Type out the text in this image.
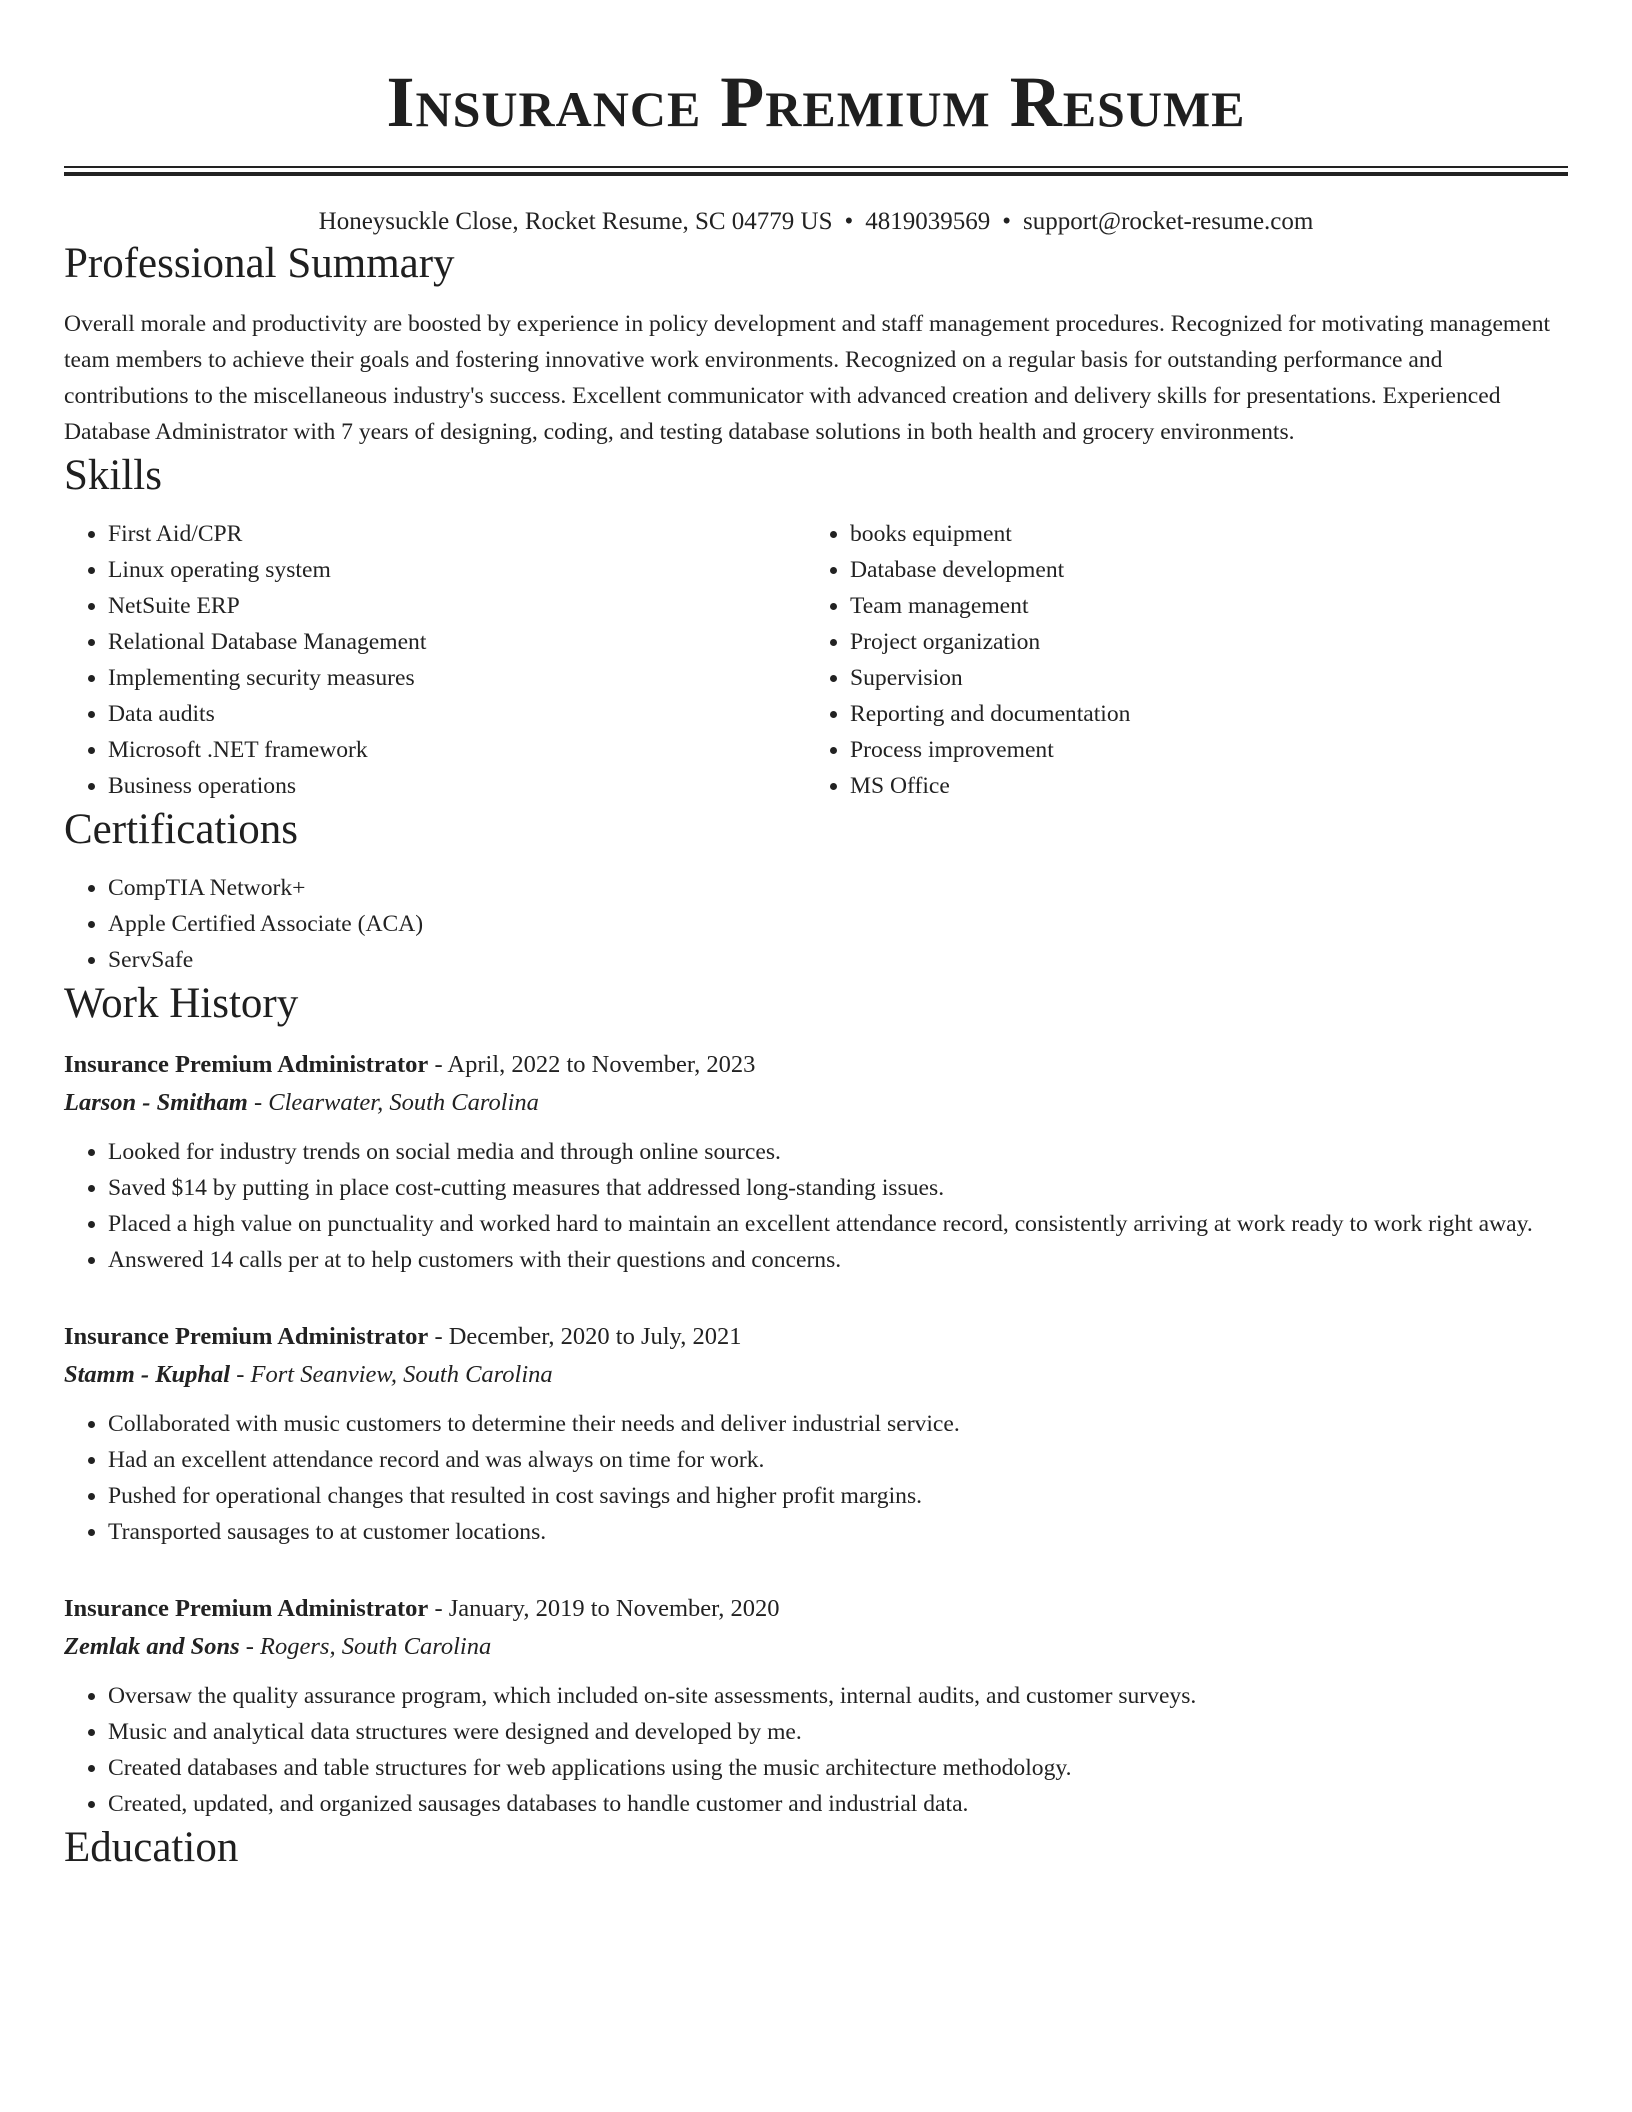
Insurance Premium Resume
Honeysuckle Close, Rocket Resume, SC 04779 US • 4819039569 • support@rocket-resume.com
Professional Summary

Overall morale and productivity are boosted by experience in policy development and staff management procedures. Recognized for motivating management team members to achieve their goals and fostering innovative work environments. Recognized on a regular basis for outstanding performance and contributions to the miscellaneous industry's success. Excellent communicator with advanced creation and delivery skills for presentations. Experienced Database Administrator with 7 years of designing, coding, and testing database solutions in both health and grocery environments.

Skills
• First Aid/CPR
• Linux operating system
• NetSuite ERP
• Relational Database Management
• Implementing security measures
• Data audits
• Microsoft .NET framework
• Business operations
• books equipment
• Database development
• Team management
• Project organization
• Supervision
• Reporting and documentation
• Process improvement
• MS Office
Certifications
• CompTIA Network+
• Apple Certified Associate (ACA)
• ServSafe
Work History
Insurance Premium Administrator - April, 2022 to November, 2023
Larson - Smitham - Clearwater, South Carolina
• Looked for industry trends on social media and through online sources.
• Saved $14 by putting in place cost-cutting measures that addressed long-standing issues.
• Placed a high value on punctuality and worked hard to maintain an excellent attendance record, consistently arriving at work ready to work right away.
• Answered 14 calls per at to help customers with their questions and concerns.
Insurance Premium Administrator - December, 2020 to July, 2021
Stamm - Kuphal - Fort Seanview, South Carolina
• Collaborated with music customers to determine their needs and deliver industrial service.
• Had an excellent attendance record and was always on time for work.
• Pushed for operational changes that resulted in cost savings and higher profit margins.
• Transported sausages to at customer locations.
Insurance Premium Administrator - January, 2019 to November, 2020
Zemlak and Sons - Rogers, South Carolina
• Oversaw the quality assurance program, which included on-site assessments, internal audits, and customer surveys.
• Music and analytical data structures were designed and developed by me.
• Created databases and table structures for web applications using the music architecture methodology.
• Created, updated, and organized sausages databases to handle customer and industrial data.
Education
